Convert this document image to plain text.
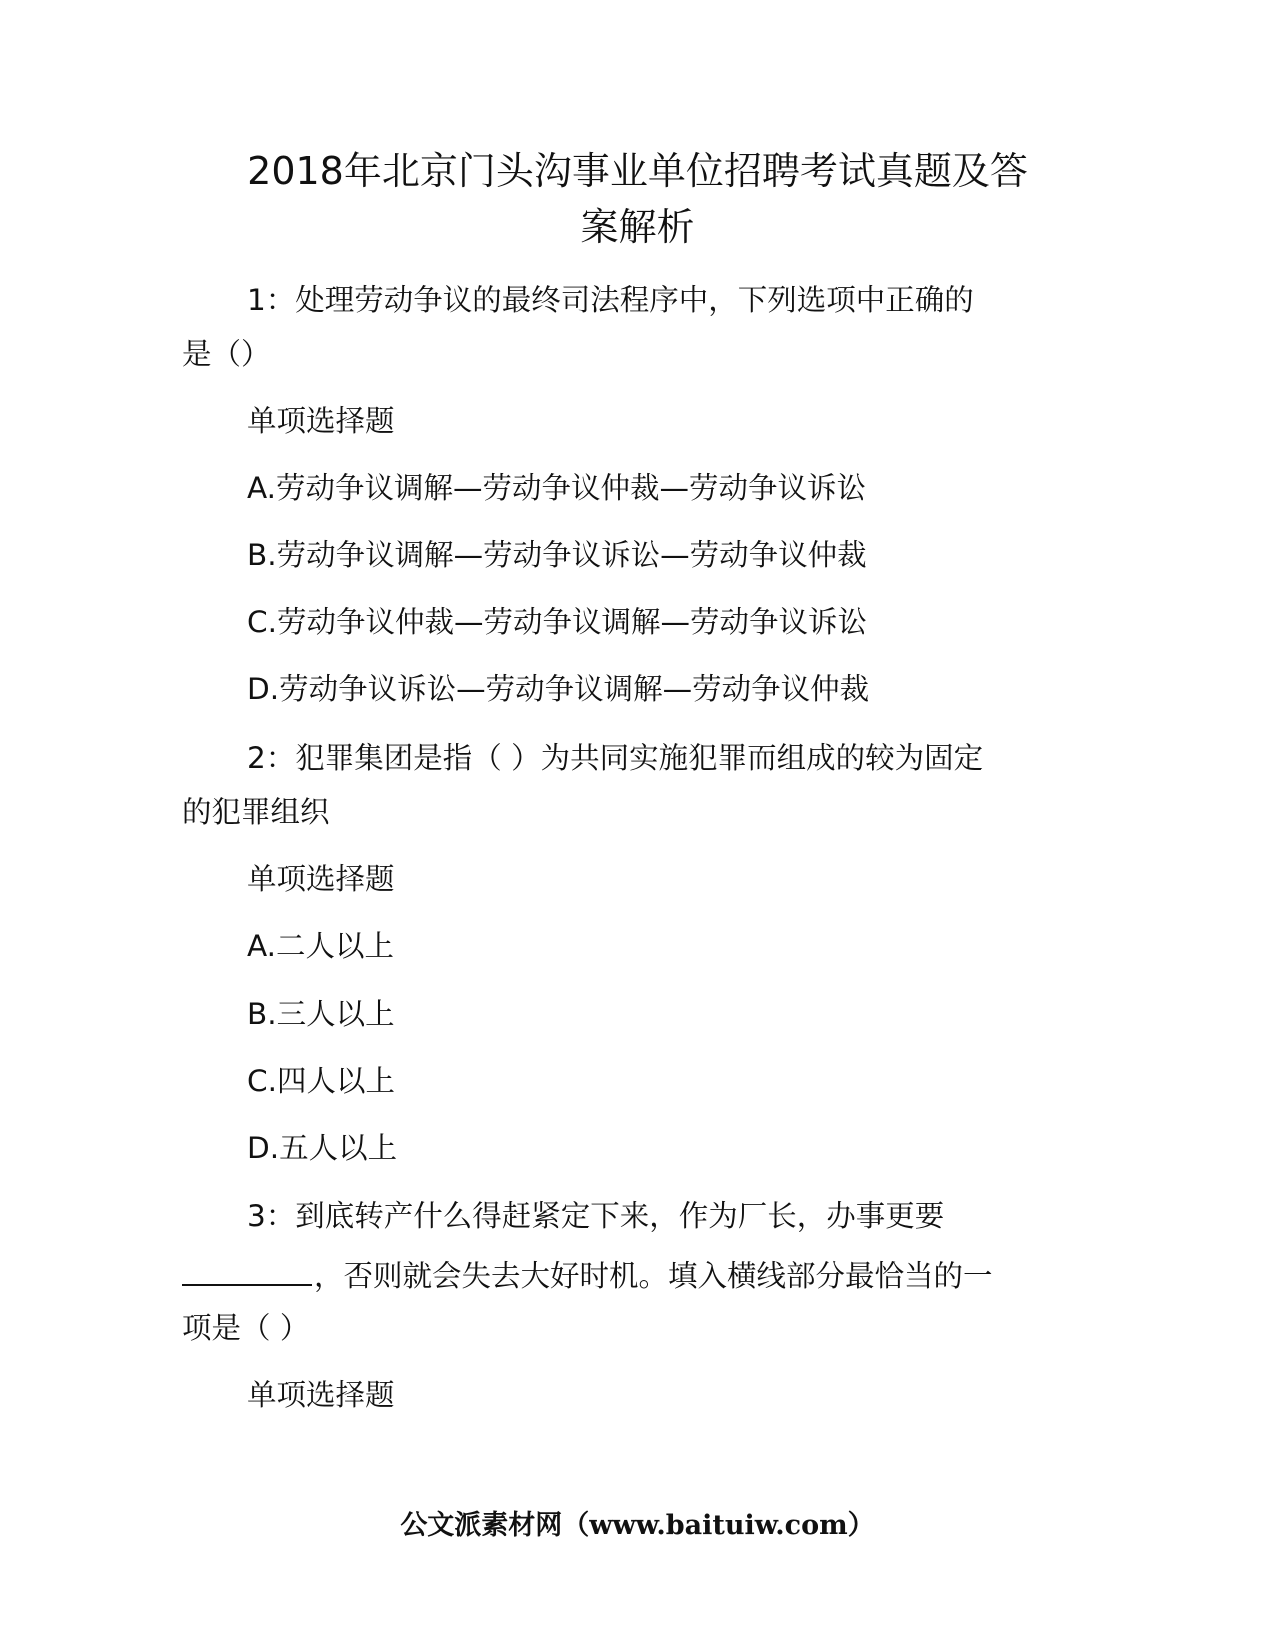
2018年北京门头沟事业单位招聘考试真题及答
案解析
1：处理劳动争议的最终司法程序中，下列选项中正确的
是（）
单项选择题
A.劳动争议调解—劳动争议仲裁—劳动争议诉讼
B.劳动争议调解—劳动争议诉讼—劳动争议仲裁
C.劳动争议仲裁—劳动争议调解—劳动争议诉讼
D.劳动争议诉讼—劳动争议调解—劳动争议仲裁
2：犯罪集团是指（ ）为共同实施犯罪而组成的较为固定
的犯罪组织
单项选择题
A.二人以上
B.三人以上
C.四人以上
D.五人以上
3：到底转产什么得赶紧定下来，作为厂长，办事更要
，否则就会失去大好时机。填入横线部分最恰当的一
项是（ ）
单项选择题
公文派素材网（www.baituiw.com）
